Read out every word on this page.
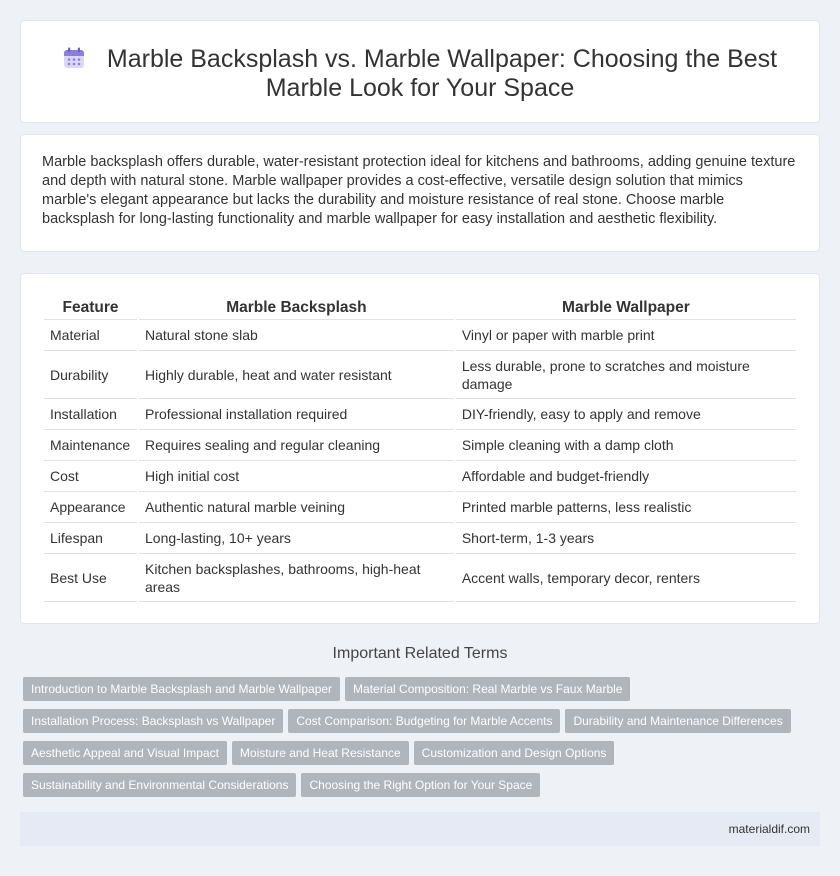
Marble Backsplash vs. Marble Wallpaper: Choosing the Best
Marble Look for Your Space

Marble backsplash offers durable, water-resistant protection ideal for kitchens and bathrooms, adding genuine texture and depth with natural stone. Marble wallpaper provides a cost-effective, versatile design solution that mimics marble's elegant appearance but lacks the durability and moisture resistance of real stone. Choose marble backsplash for long-lasting functionality and marble wallpaper for easy installation and aesthetic flexibility.

Feature	Marble Backsplash	Marble Wallpaper
Material	Natural stone slab	Vinyl or paper with marble print
Durability	Highly durable, heat and water resistant	Less durable, prone to scratches and moisture damage
Installation	Professional installation required	DIY-friendly, easy to apply and remove
Maintenance	Requires sealing and regular cleaning	Simple cleaning with a damp cloth
Cost	High initial cost	Affordable and budget-friendly
Appearance	Authentic natural marble veining	Printed marble patterns, less realistic
Lifespan	Long-lasting, 10+ years	Short-term, 1-3 years
Best Use	Kitchen backsplashes, bathrooms, high-heat areas	Accent walls, temporary decor, renters
Important Related Terms
Introduction to Marble Backsplash and Marble Wallpaper Material Composition: Real Marble vs Faux Marble
Installation Process: Backsplash vs Wallpaper Cost Comparison: Budgeting for Marble Accents Durability and Maintenance Differences
Aesthetic Appeal and Visual Impact Moisture and Heat Resistance Customization and Design Options
Sustainability and Environmental Considerations Choosing the Right Option for Your Space
materialdif.com
